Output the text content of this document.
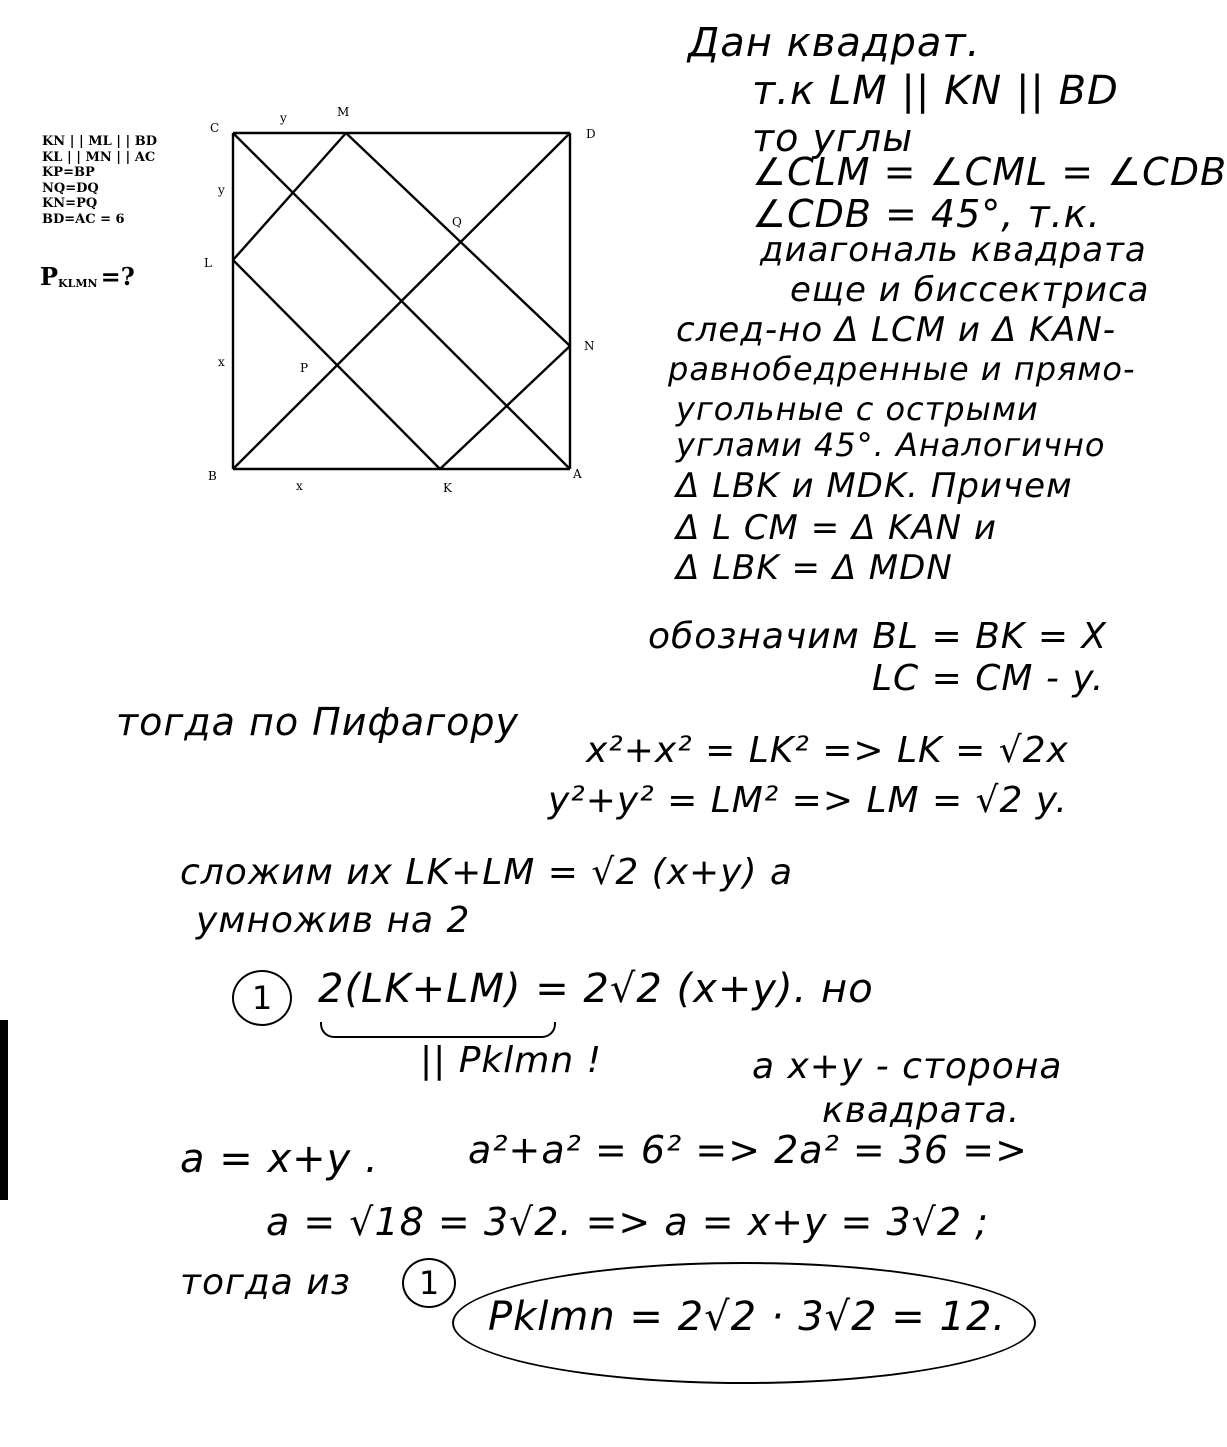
KN | | ML | | BD
KL | | MN | | AC
KP=BP
NQ=DQ
KN=PQ
BD=AC = 6
$P_{KLMN}$ =?
C
y	M
D
y
Q
L
N
x	P
B
x	K
A
Дан квадрат.
т.к LM || KN || BD
то углы
∠CLM = ∠CML = ∠CDB
∠CDB = 45°, т.к.
диагональ квадрата
еще и биссектриса
след-но Δ LCM и Δ KAN-
равнобедренные и прямо-
угольные с острыми
углами 45°. Аналогично
Δ LBK и MDK. Причем
Δ L CM = Δ KAN и
Δ LBK = Δ MDN
обозначим BL = BK = X
LC = CM - y.
тогда по Пифагору
x²+x² = LK² => LK = √2x
y²+y² = LM² => LM = √2 y.
сложим их LK+LM = √2 (x+y) а
умножив на 2
1	2(LK+LM) = 2√2 (x+y). но
|| Pklmn !	а x+y - сторона
квадрата.
a = x+y . a²+a² = 6² => 2a² = 36 =>
a = √18 = 3√2. => a = x+y = 3√2 ;
тогда из	1
Pklmn = 2√2 · 3√2 = 12.
